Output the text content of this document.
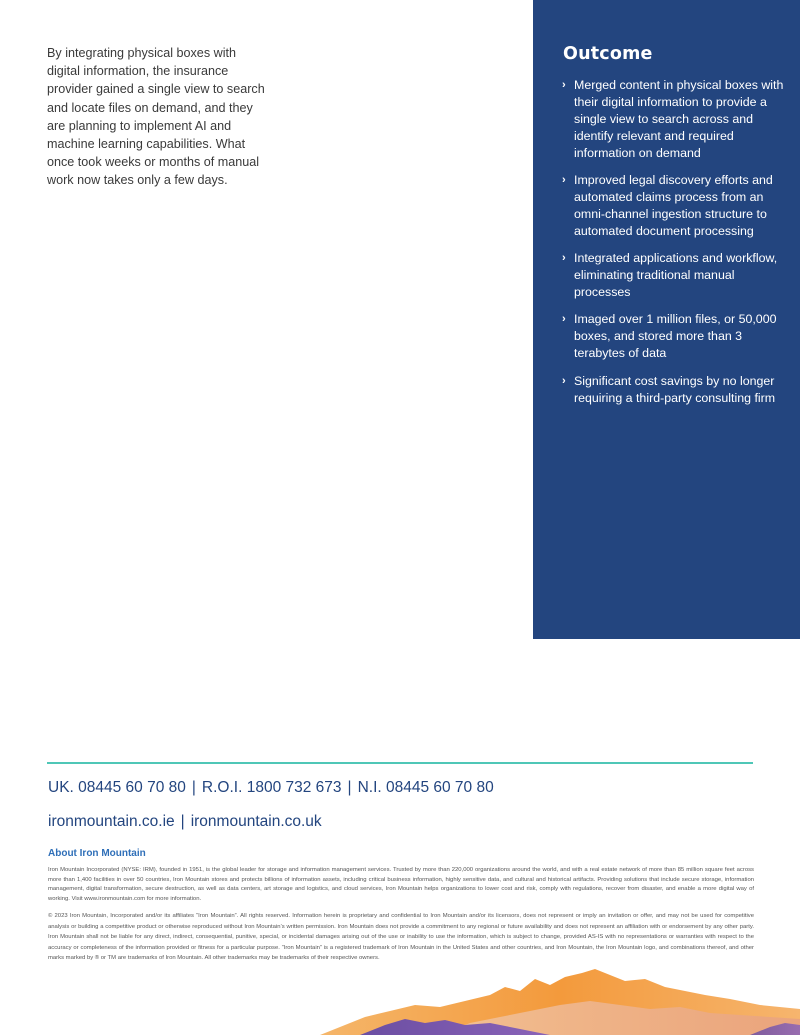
By integrating physical boxes with digital information, the insurance provider gained a single view to search and locate files on demand, and they are planning to implement AI and machine learning capabilities. What once took weeks or months of manual work now takes only a few days.

Outcome
› Merged content in physical boxes with their digital information to provide a single view to search across and identify relevant and required information on demand
› Improved legal discovery efforts and automated claims process from an omni-channel ingestion structure to automated document processing
› Integrated applications and workflow, eliminating traditional manual processes
› Imaged over 1 million files, or 50,000 boxes, and stored more than 3 terabytes of data
› Significant cost savings by no longer requiring a third-party consulting firm
UK. 08445 60 70 80 | R.O.I. 1800 732 673 | N.I. 08445 60 70 80
ironmountain.co.ie | ironmountain.co.uk
About Iron Mountain

Iron Mountain Incorporated (NYSE: IRM), founded in 1951, is the global leader for storage and information management services. Trusted by more than 220,000 organizations around the world, and with a real estate network of more than 85 million square feet across more than 1,400 facilities in over 50 countries, Iron Mountain stores and protects billions of information assets, including critical business information, highly sensitive data, and cultural and historical artifacts. Providing solutions that include secure storage, information management, digital transformation, secure destruction, as well as data centers, art storage and logistics, and cloud services, Iron Mountain helps organizations to lower cost and risk, comply with regulations, recover from disaster, and enable a more digital way of working. Visit www.ironmountain.com for more information.

© 2023 Iron Mountain, Incorporated and/or its affiliates “Iron Mountain”. All rights reserved. Information herein is proprietary and confidential to Iron Mountain and/or its licensors, does not represent or imply an invitation or offer, and may not be used for competitive analysis or building a competitive product or otherwise reproduced without Iron Mountain’s written permission. Iron Mountain does not provide a commitment to any regional or future availability and does not represent an affiliation with or endorsement by any other party. Iron Mountain shall not be liable for any direct, indirect, consequential, punitive, special, or incidental damages arising out of the use or inability to use the information, which is subject to change, provided AS-IS with no representations or warranties with respect to the accuracy or completeness of the information provided or fitness for a particular purpose. “Iron Mountain” is a registered trademark of Iron Mountain in the United States and other countries, and Iron Mountain, the Iron Mountain logo, and combinations thereof, and other marks marked by ® or TM are trademarks of Iron Mountain. All other trademarks may be trademarks of their respective owners.
